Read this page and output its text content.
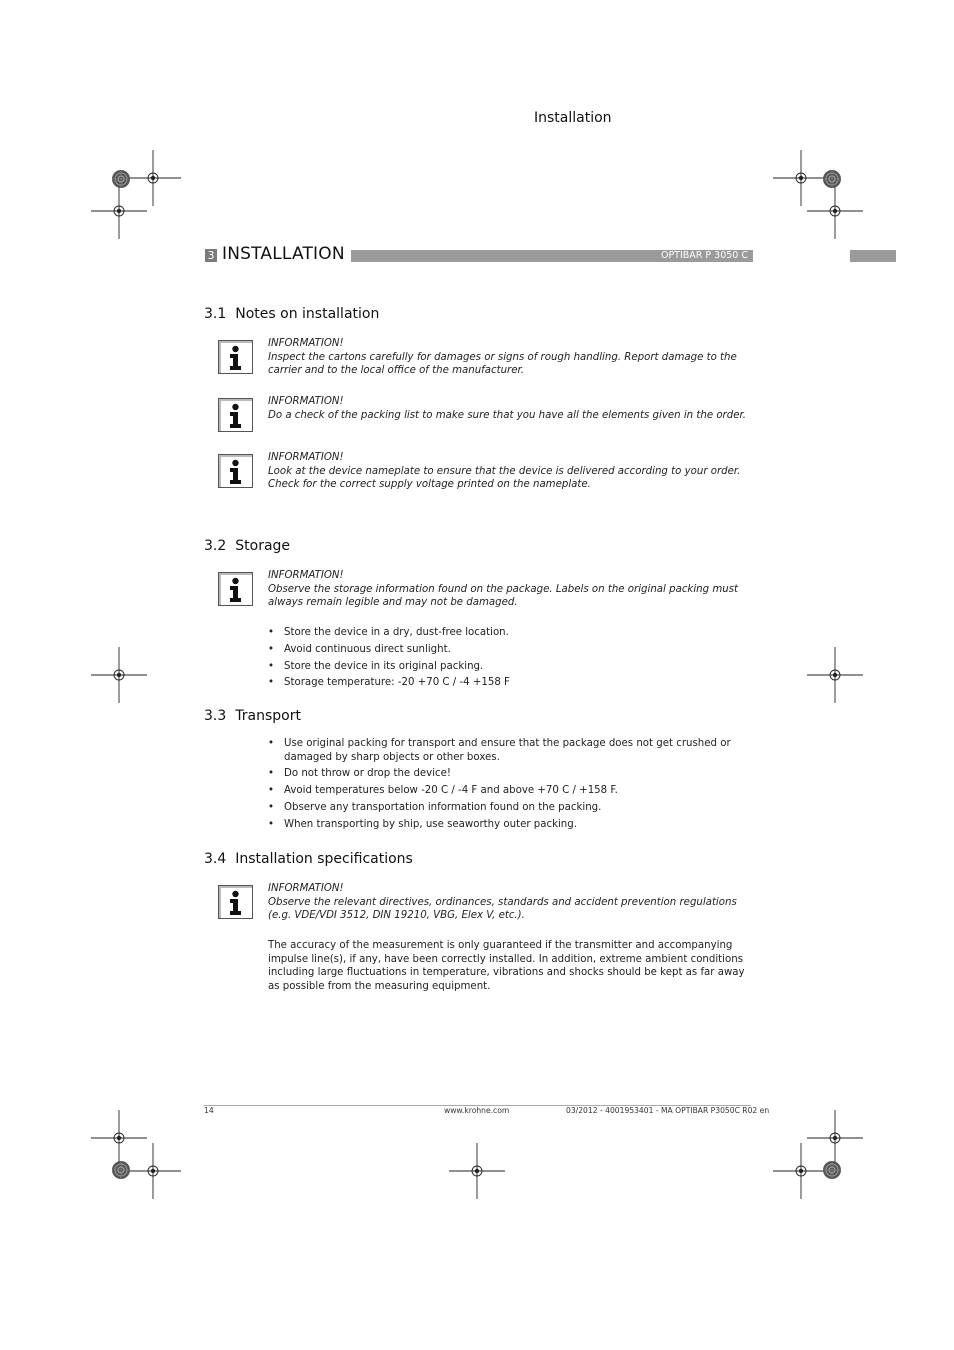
Installation
3 INSTALLATION	OPTIBAR P 3050 C
3.1 Notes on installation
INFORMATION!
Inspect the cartons carefully for damages or signs of rough handling. Report damage to the carrier and to the local office of the manufacturer.
INFORMATION!
Do a check of the packing list to make sure that you have all the elements given in the order.
INFORMATION!
Look at the device nameplate to ensure that the device is delivered according to your order. Check for the correct supply voltage printed on the nameplate.
3.2 Storage
INFORMATION!
Observe the storage information found on the package. Labels on the original packing must always remain legible and may not be damaged.
• Store the device in a dry, dust-free location.
• Avoid continuous direct sunlight.
• Store the device in its original packing.
• Storage temperature: -20 +70 C / -4 +158 F
3.3 Transport
• Use original packing for transport and ensure that the package does not get crushed or damaged by sharp objects or other boxes.
• Do not throw or drop the device!
• Avoid temperatures below -20 C / -4 F and above +70 C / +158 F.
• Observe any transportation information found on the packing.
• When transporting by ship, use seaworthy outer packing.
3.4 Installation specifications
INFORMATION!
Observe the relevant directives, ordinances, standards and accident prevention regulations (e.g. VDE/VDI 3512, DIN 19210, VBG, Elex V, etc.).
The accuracy of the measurement is only guaranteed if the transmitter and accompanying impulse line(s), if any, have been correctly installed. In addition, extreme ambient conditions including large fluctuations in temperature, vibrations and shocks should be kept as far away as possible from the measuring equipment.
14	www.krohne.com	03/2012 - 4001953401 - MA OPTIBAR P3050C R02 en
